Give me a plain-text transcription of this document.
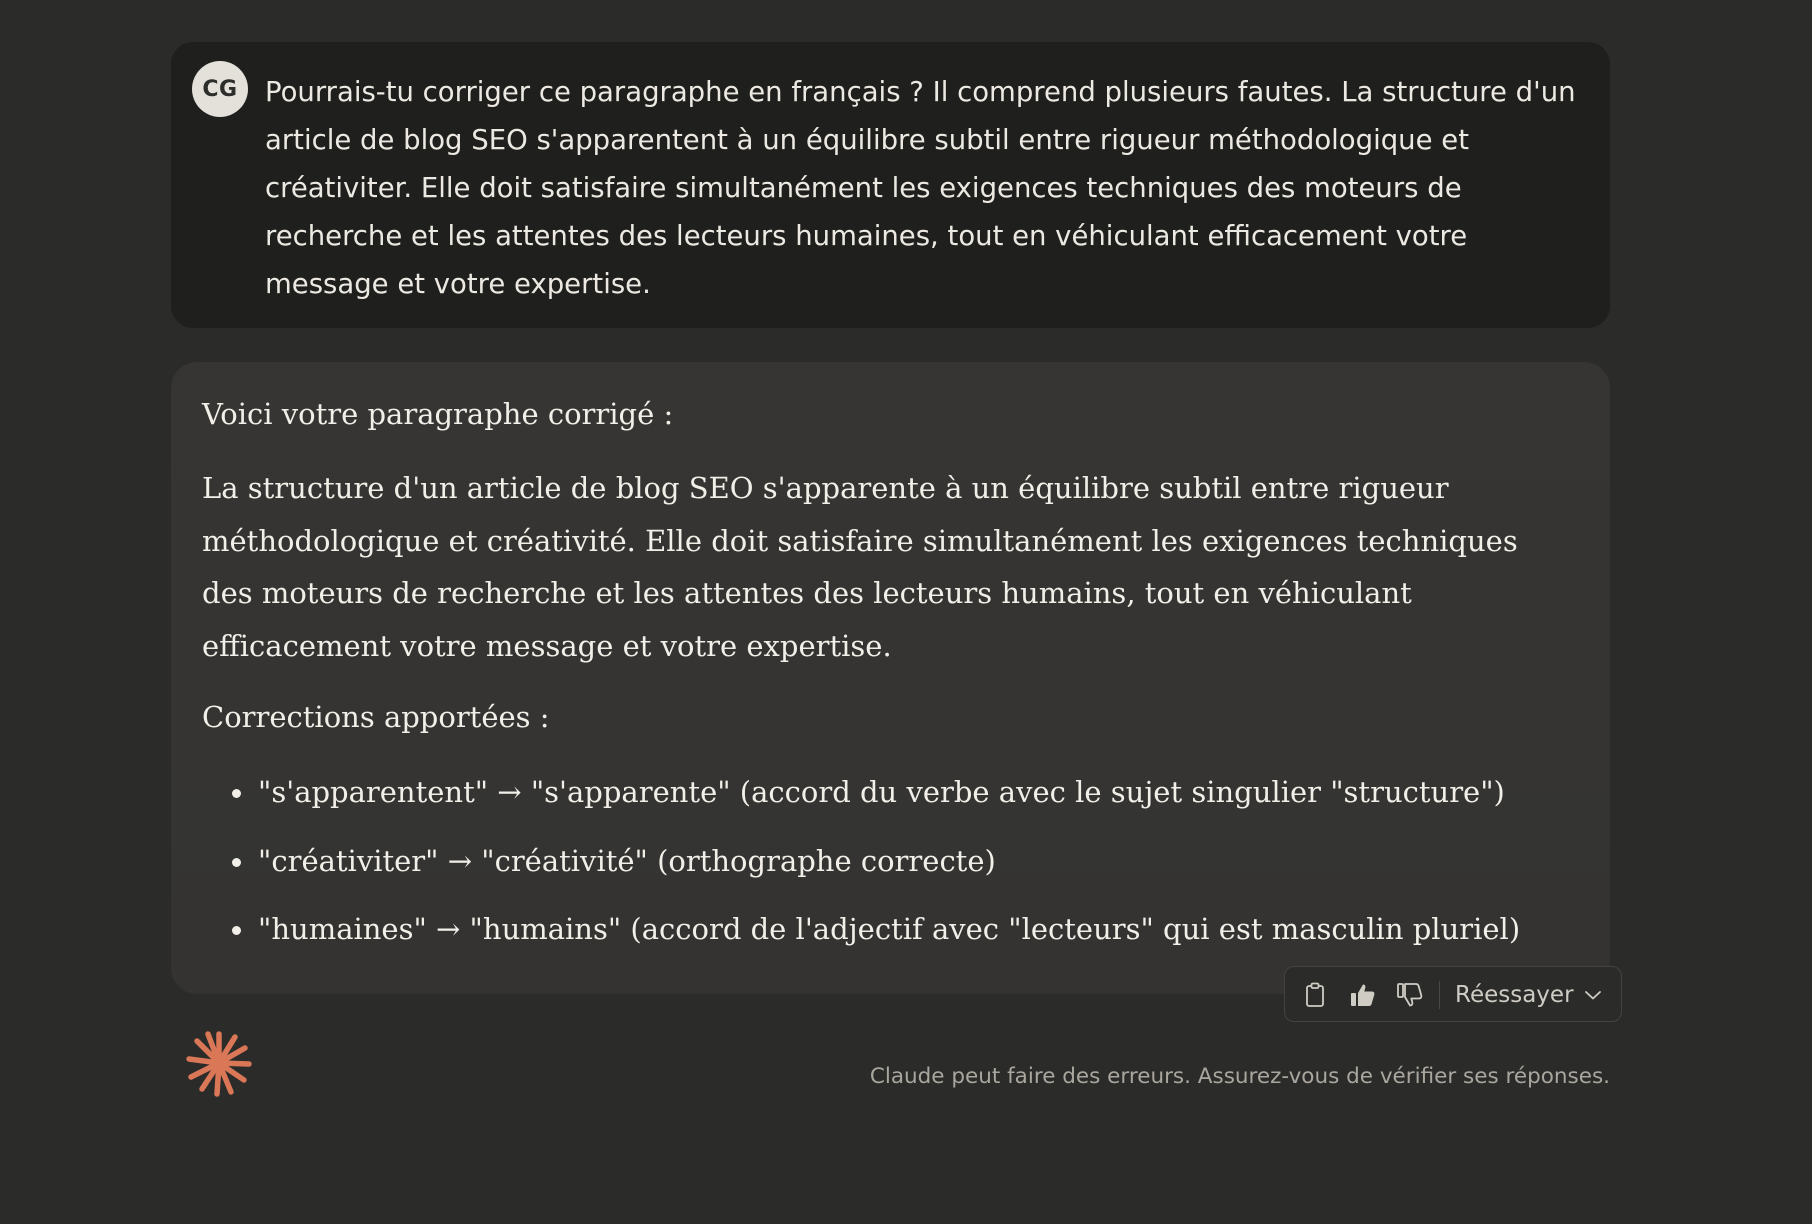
CG Pourrais-tu corriger ce paragraphe en français ? Il comprend plusieurs fautes. La structure d'un article de blog SEO s'apparentent à un équilibre subtil entre rigueur méthodologique et créativiter. Elle doit satisfaire simultanément les exigences techniques des moteurs de recherche et les attentes des lecteurs humaines, tout en véhiculant efficacement votre message et votre expertise.

Voici votre paragraphe corrigé :

La structure d'un article de blog SEO s'apparente à un équilibre subtil entre rigueur méthodologique et créativité. Elle doit satisfaire simultanément les exigences techniques des moteurs de recherche et les attentes des lecteurs humains, tout en véhiculant efficacement votre message et votre expertise.

Corrections apportées :

"s'apparentent" → "s'apparente" (accord du verbe avec le sujet singulier "structure")
"créativiter" → "créativité" (orthographe correcte)
"humaines" → "humains" (accord de l'adjectif avec "lecteurs" qui est masculin pluriel)
Réessayer

Claude peut faire des erreurs. Assurez-vous de vérifier ses réponses.
